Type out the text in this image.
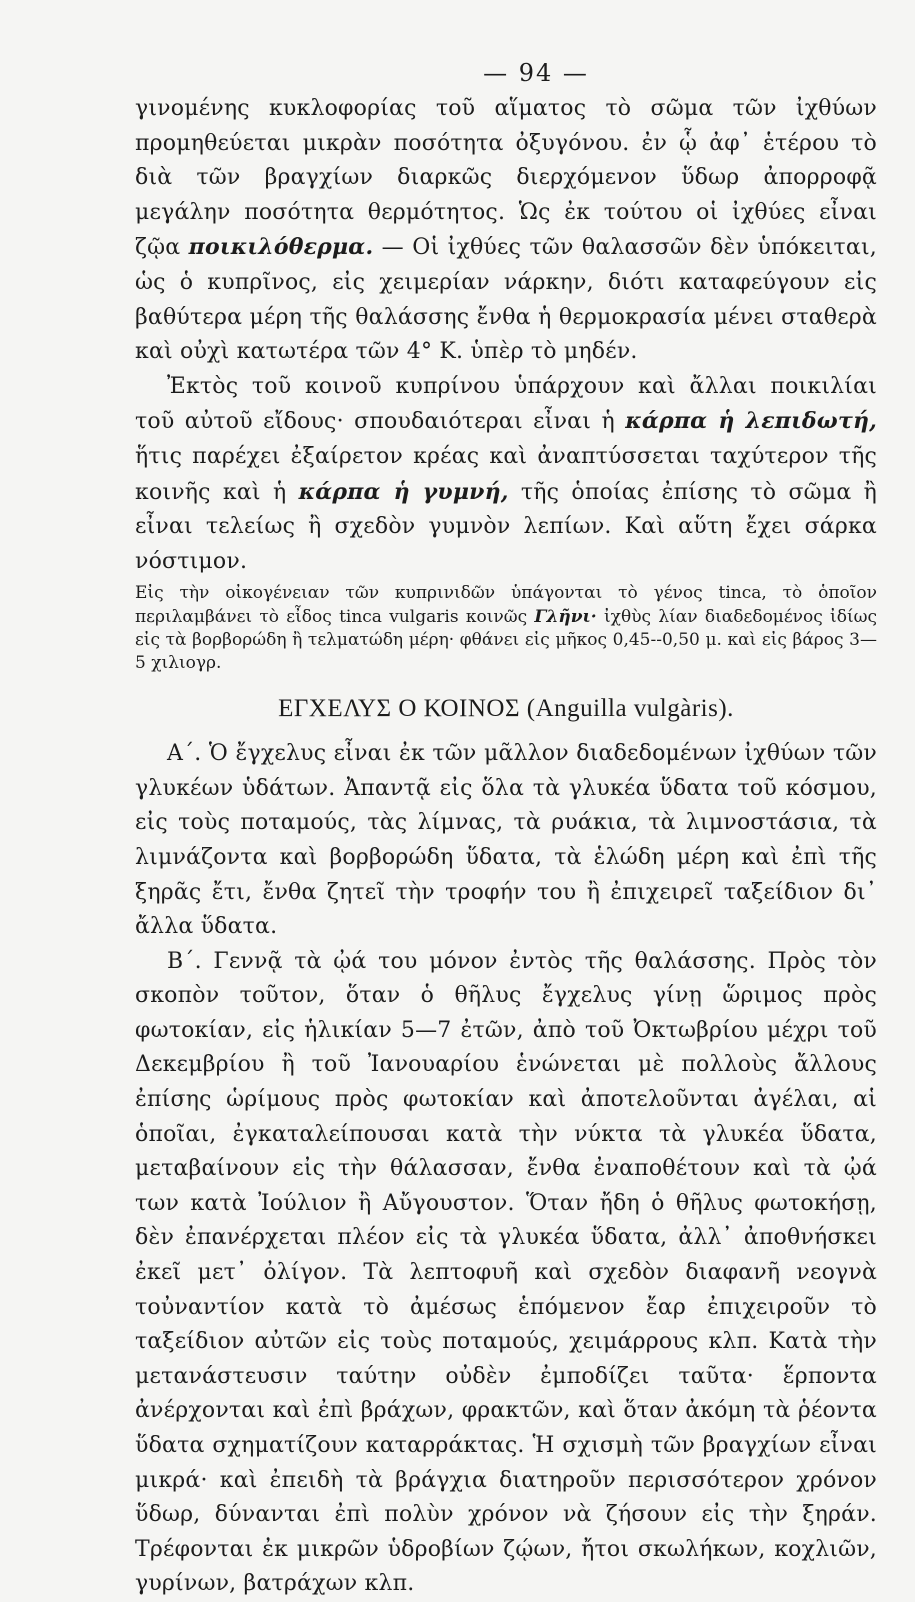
— 94 —

γινομένης κυκλοφορίας τοῦ αἵματος τὸ σῶμα τῶν ἰχθύων προμηθεύεται μικρὰν ποσότητα ὀξυγόνου. ἐν ᾧ ἀφ᾽ ἑτέρου τὸ διὰ τῶν βραγχίων διαρκῶς διερχόμενον ὕδωρ ἀπορροφᾷ μεγάλην ποσότητα θερμότητος. Ὡς ἐκ τούτου οἱ ἰχθύες εἶναι ζῷα ποικιλόθερμα. — Οἱ ἰχθύες τῶν θαλασσῶν δὲν ὑπόκειται, ὡς ὁ κυπρῖνος, εἰς χειμερίαν νάρκην, διότι καταφεύγουν εἰς βαθύτερα μέρη τῆς θαλάσσης ἔνθα ἡ θερμοκρασία μένει σταθερὰ καὶ οὐχὶ κατωτέρα τῶν 4° Κ. ὑπὲρ τὸ μηδέν.

Ἐκτὸς τοῦ κοινοῦ κυπρίνου ὑπάρχουν καὶ ἄλλαι ποικιλίαι τοῦ αὐτοῦ εἴδους· σπουδαιότεραι εἶναι ἡ κάρπα ἡ λεπιδωτή, ἥτις παρέχει ἐξαίρετον κρέας καὶ ἀναπτύσσεται ταχύτερον τῆς κοινῆς καὶ ἡ κάρπα ἡ γυμνή, τῆς ὁποίας ἐπίσης τὸ σῶμα ἢ εἶναι τελείως ἢ σχεδὸν γυμνὸν λεπίων. Καὶ αὕτη ἔχει σάρκα νόστιμον.

Εἰς τὴν οἰκογένειαν τῶν κυπρινιδῶν ὑπάγονται τὸ γένος tinca, τὸ ὁποῖον περιλαμβάνει τὸ εἶδος tinca vulgaris κοινῶς Γλῆνι· ἰχθὺς λίαν διαδεδομένος ἰδίως εἰς τὰ βορβορώδη ἢ τελματώδη μέρη· φθάνει εἰς μῆκος 0,45--0,50 μ. καὶ εἰς βάρος 3—5 χιλιογρ.

ΕΓΧΕΛΥΣ Ο ΚΟΙΝΟΣ (Anguilla vulgàris).

Α΄. Ὁ ἔγχελυς εἶναι ἐκ τῶν μᾶλλον διαδεδομένων ἰχθύων τῶν γλυκέων ὑδάτων. Ἀπαντᾷ εἰς ὅλα τὰ γλυκέα ὕδατα τοῦ κόσμου, εἰς τοὺς ποταμούς, τὰς λίμνας, τὰ ρυάκια, τὰ λιμνοστάσια, τὰ λιμνάζοντα καὶ βορβορώδη ὕδατα, τὰ ἑλώδη μέρη καὶ ἐπὶ τῆς ξηρᾶς ἔτι, ἔνθα ζητεῖ τὴν τροφήν του ἢ ἐπιχειρεῖ ταξείδιον δι᾽ ἄλλα ὕδατα.

Β΄. Γεννᾷ τὰ ᾠά του μόνον ἐντὸς τῆς θαλάσσης. Πρὸς τὸν σκοπὸν τοῦτον, ὅταν ὁ θῆλυς ἔγχελυς γίνῃ ὥριμος πρὸς φωτοκίαν, εἰς ἡλικίαν 5—7 ἐτῶν, ἀπὸ τοῦ Ὀκτωβρίου μέχρι τοῦ Δεκεμβρίου ἢ τοῦ Ἰανουαρίου ἑνώνεται μὲ πολλοὺς ἄλλους ἐπίσης ὡρίμους πρὸς φωτοκίαν καὶ ἀποτελοῦνται ἀγέλαι, αἱ ὁποῖαι, ἐγκαταλείπουσαι κατὰ τὴν νύκτα τὰ γλυκέα ὕδατα, μεταβαίνουν εἰς τὴν θάλασσαν, ἔνθα ἐναποθέτουν καὶ τὰ ᾠά των κατὰ Ἰούλιον ἢ Αὔγουστον. Ὅταν ἤδη ὁ θῆλυς φωτοκήσῃ, δὲν ἐπανέρχεται πλέον εἰς τὰ γλυκέα ὕδατα, ἀλλ᾽ ἀποθνήσκει ἐκεῖ μετ᾽ ὀλίγον. Τὰ λεπτοφυῆ καὶ σχεδὸν διαφανῆ νεογνὰ τοὐναντίον κατὰ τὸ ἀμέσως ἑπόμενον ἔαρ ἐπιχειροῦν τὸ ταξείδιον αὐτῶν εἰς τοὺς ποταμούς, χειμάρρους κλπ. Κατὰ τὴν μετανάστευσιν ταύτην οὐδὲν ἐμποδίζει ταῦτα· ἕρποντα ἀνέρχονται καὶ ἐπὶ βράχων, φρακτῶν, καὶ ὅταν ἀκόμη τὰ ῥέοντα ὕδατα σχηματίζουν καταρράκτας. Ἡ σχισμὴ τῶν βραγχίων εἶναι μικρά· καὶ ἐπειδὴ τὰ βράγχια διατηροῦν περισσότερον χρόνον ὕδωρ, δύνανται ἐπὶ πολὺν χρόνον νὰ ζήσουν εἰς τὴν ξηράν. Τρέφονται ἐκ μικρῶν ὑδροβίων ζῴων, ἤτοι σκωλήκων, κοχλιῶν, γυρίνων, βατράχων κλπ.
